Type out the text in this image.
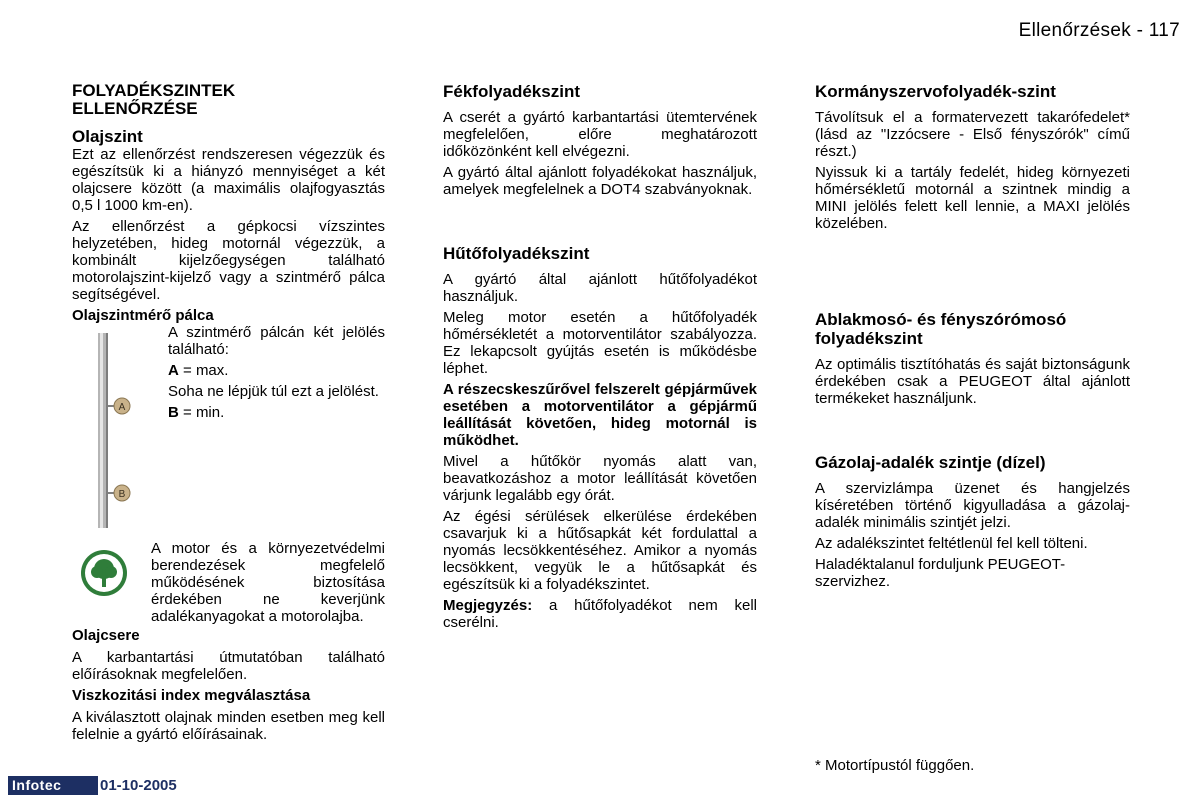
Ellenőrzések - 117
FOLYADÉKSZINTEK ELLENŐRZÉSE
Olajszint

Ezt az ellenőrzést rendszeresen végezzük és egészítsük ki a hiányzó mennyiséget a két olajcsere között (a maximális olajfogyasztás 0,5 l 1000 km-en).

Az ellenőrzést a gépkocsi vízszintes helyzetében, hideg motornál végezzük, a kombinált kijelzőegységen található motorolajszint-kijelző vagy a szintmérő pálca segítségével.

Olajszintmérő pálca
A
B

A szintmérő pálcán két jelölés található:

A = max.

Soha ne lépjük túl ezt a jelölést.

B = min.

A motor és a környezetvédelmi berendezések megfelelő működésének biztosítása érdekében ne keverjünk adalékanyagokat a motorolajba.

Olajcsere

A karbantartási útmutatóban található előírásoknak megfelelően.

Viszkozitási index megválasztása

A kiválasztott olajnak minden esetben meg kell felelnie a gyártó előírásainak.

Fékfolyadékszint

A cserét a gyártó karbantartási ütemtervének megfelelően, előre meghatározott időközönként kell elvégezni.

A gyártó által ajánlott folyadékokat használjuk, amelyek megfelelnek a DOT4 szabványoknak.

Hűtőfolyadékszint

A gyártó által ajánlott hűtőfolyadékot használjuk.

Meleg motor esetén a hűtőfolyadék hőmérsékletét a motorventilátor szabályozza. Ez lekapcsolt gyújtás esetén is működésbe léphet.

A részecskeszűrővel felszerelt gépjárművek esetében a motorventilátor a gépjármű leállítását követően, hideg motornál is működhet.

Mivel a hűtőkör nyomás alatt van, beavatkozáshoz a motor leállítását követően várjunk legalább egy órát.

Az égési sérülések elkerülése érdekében csavarjuk ki a hűtősapkát két fordulattal a nyomás lecsökkentéséhez. Amikor a nyomás lecsökkent, vegyük le a hűtősapkát és egészítsük ki a folyadékszintet.

Megjegyzés: a hűtőfolyadékot nem kell cserélni.

Kormányszervofolyadék-szint

Távolítsuk el a formatervezett takarófedelet* (lásd az "Izzócsere - Első fényszórók" című részt.)

Nyissuk ki a tartály fedelét, hideg környezeti hőmérsékletű motornál a szintnek mindig a MINI jelölés felett kell lennie, a MAXI jelölés közelében.

Ablakmosó- és fényszórómosó folyadékszint

Az optimális tisztítóhatás és saját biztonságunk érdekében csak a PEUGEOT által ajánlott termékeket használjunk.

Gázolaj-adalék szintje (dízel)

A szervizlámpa üzenet és hangjelzés kíséretében történő kigyulladása a gázolaj-adalék minimális szintjét jelzi.

Az adalékszintet feltétlenül fel kell tölteni.

Haladéktalanul forduljunk PEUGEOT-szervizhez.

* Motortípustól függően.
Infotec	01-10-2005
